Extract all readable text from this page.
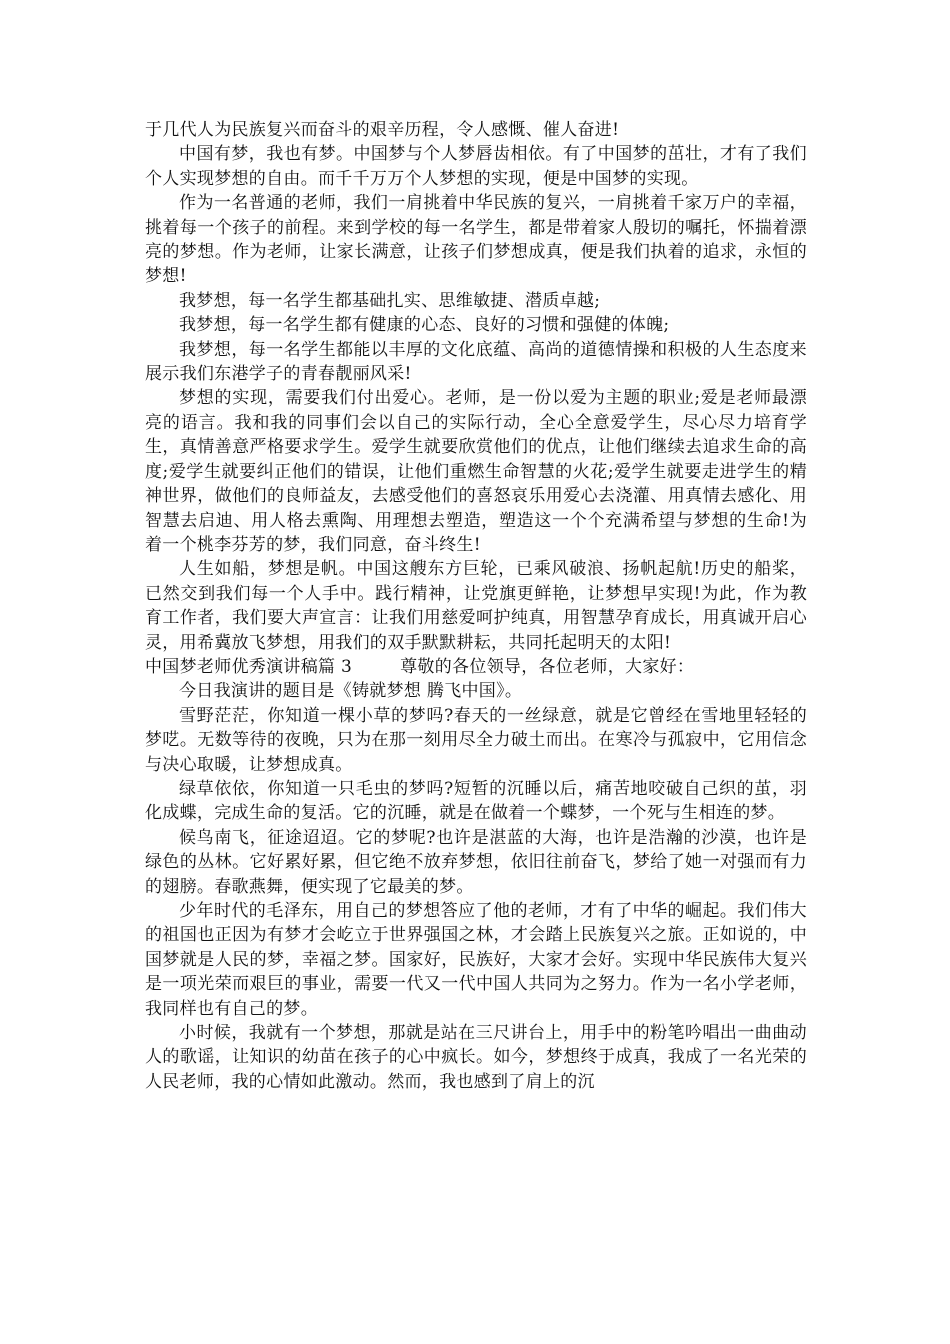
于几代人为民族复兴而奋斗的艰辛历程，令人感慨、催人奋进!

中国有梦，我也有梦。中国梦与个人梦唇齿相依。有了中国梦的茁壮，才有了我们个人实现梦想的自由。而千千万万个人梦想的实现，便是中国梦的实现。

作为一名普通的老师，我们一肩挑着中华民族的复兴，一肩挑着千家万户的幸福，挑着每一个孩子的前程。来到学校的每一名学生，都是带着家人殷切的嘱托，怀揣着漂亮的梦想。作为老师，让家长满意，让孩子们梦想成真，便是我们执着的追求，永恒的梦想!

我梦想，每一名学生都基础扎实、思维敏捷、潜质卓越;

我梦想，每一名学生都有健康的心态、良好的习惯和强健的体魄;

我梦想，每一名学生都能以丰厚的文化底蕴、高尚的道德情操和积极的人生态度来展示我们东港学子的青春靓丽风采!

梦想的实现，需要我们付出爱心。老师，是一份以爱为主题的职业;爱是老师最漂亮的语言。我和我的同事们会以自己的实际行动，全心全意爱学生，尽心尽力培育学生，真情善意严格要求学生。爱学生就要欣赏他们的优点，让他们继续去追求生命的高度;爱学生就要纠正他们的错误，让他们重燃生命智慧的火花;爱学生就要走进学生的精神世界，做他们的良师益友，去感受他们的喜怒哀乐用爱心去浇灌、用真情去感化、用智慧去启迪、用人格去熏陶、用理想去塑造，塑造这一个个充满希望与梦想的生命!为着一个桃李芬芳的梦，我们同意，奋斗终生!

人生如船，梦想是帆。中国这艘东方巨轮，已乘风破浪、扬帆起航!历史的船桨，已然交到我们每一个人手中。践行精神，让党旗更鲜艳，让梦想早实现!为此，作为教育工作者，我们要大声宣言：让我们用慈爱呵护纯真，用智慧孕育成长，用真诚开启心灵，用希冀放飞梦想，用我们的双手默默耕耘，共同托起明天的太阳!

中国梦老师优秀演讲稿篇 3	尊敬的各位领导，各位老师，大家好：

今日我演讲的题目是《铸就梦想 腾飞中国》。

雪野茫茫，你知道一棵小草的梦吗?春天的一丝绿意，就是它曾经在雪地里轻轻的梦呓。无数等待的夜晚，只为在那一刻用尽全力破土而出。在寒冷与孤寂中，它用信念与决心取暖，让梦想成真。

绿草依依，你知道一只毛虫的梦吗?短暂的沉睡以后，痛苦地咬破自己织的茧，羽化成蝶，完成生命的复活。它的沉睡，就是在做着一个蝶梦，一个死与生相连的梦。

候鸟南飞，征途迢迢。它的梦呢?也许是湛蓝的大海，也许是浩瀚的沙漠，也许是绿色的丛林。它好累好累，但它绝不放弃梦想，依旧往前奋飞，梦给了她一对强而有力的翅膀。春歌燕舞，便实现了它最美的梦。

少年时代的毛泽东，用自己的梦想答应了他的老师，才有了中华的崛起。我们伟大的祖国也正因为有梦才会屹立于世界强国之林，才会踏上民族复兴之旅。正如说的，中国梦就是人民的梦，幸福之梦。国家好，民族好，大家才会好。实现中华民族伟大复兴是一项光荣而艰巨的事业，需要一代又一代中国人共同为之努力。作为一名小学老师，我同样也有自己的梦。

小时候，我就有一个梦想，那就是站在三尺讲台上，用手中的粉笔吟唱出一曲曲动人的歌谣，让知识的幼苗在孩子的心中疯长。如今，梦想终于成真，我成了一名光荣的人民老师，我的心情如此激动。然而，我也感到了肩上的沉
